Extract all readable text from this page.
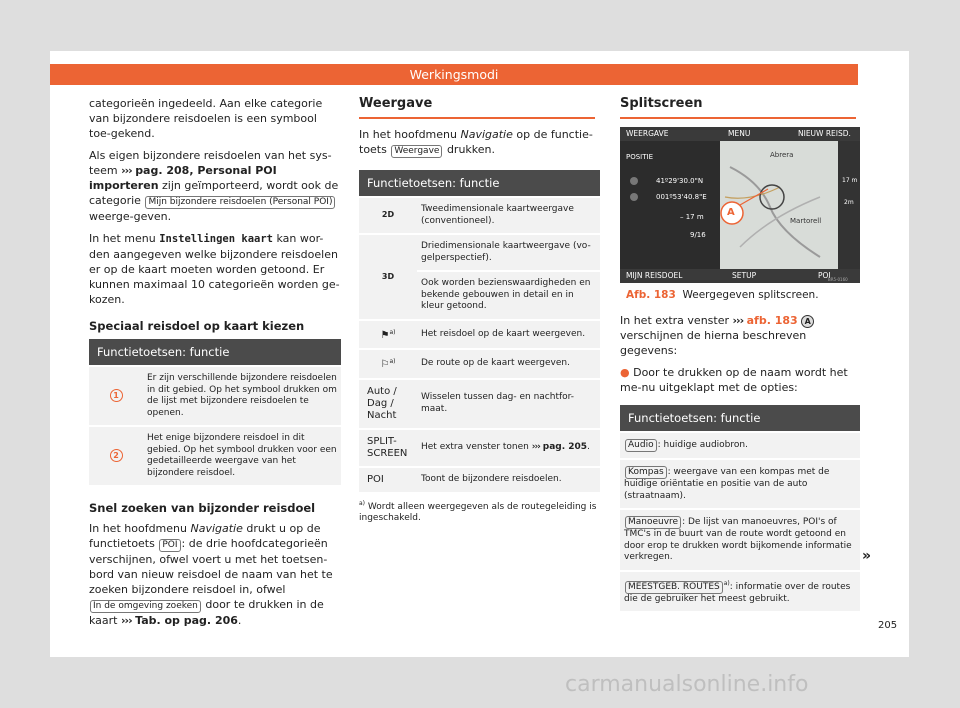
Werkingsmodi

categorieën ingedeeld. Aan elke categorie van bijzondere reisdoelen is een symbool toe-gekend.

Als eigen bijzondere reisdoelen van het sys-teem ››› pag. 208, Personal POI importeren zijn geïmporteerd, wordt ook de categorie Mijn bijzondere reisdoelen (Personal POI) weerge-geven.

In het menu Instellingen kaart kan wor-den aangegeven welke bijzondere reisdoelen er op de kaart moeten worden getoond. Er kunnen maximaal 10 categorieën worden ge-kozen.

Speciaal reisdoel op kaart kiezen
Functietoetsen: functie	
1	Er zijn verschillende bijzondere reisdoelen in dit gebied. Op het symbool drukken om de lijst met bijzondere reisdoelen te openen.
2	Het enige bijzondere reisdoel in dit gebied. Op het symbool drukken voor een gedetailleerde weergave van het bijzondere reisdoel.
Snel zoeken van bijzonder reisdoel

In het hoofdmenu Navigatie drukt u op de functietoets POI : de drie hoofdcategorieën verschijnen, ofwel voert u met het toetsen-bord van nieuw reisdoel de naam van het te zoeken bijzondere reisdoel in, ofwel In de omgeving zoeken door te drukken in de kaart ››› Tab. op pag. 206.

Weergave

In het hoofdmenu Navigatie op de functie-toets Weergave drukken.

Functietoetsen: functie	
2D	Tweedimensionale kaartweergave (conventioneel).
3D	Driedimensionale kaartweergave (vo-gelperspectief).
	Ook worden bezienswaardigheden en bekende gebouwen in detail en in kleur getoond.
⚑$^{a)}$	Het reisdoel op de kaart weergeven.
⚐$^{a)}$	De route op de kaart weergeven.
Auto / Dag / Nacht	Wisselen tussen dag- en nachtfor-maat.
SPLIT-SCREEN	Het extra venster tonen ››› pag. 205.
POI	Toont de bijzondere reisdoelen.
$^{a)}$ Wordt alleen weergegeven als de routegeleiding is ingeschakeld.
Splitscreen
WEERGAVE	MENU	NIEUW REISD.
POSITIE
41º29'30.0"N
001º53'40.8"E
– 17 m
9/16
Abrera
Martorell
17 m
2m
A
MIJN REISDOEL	SETUP	POI
BR5-0160
Afb. 183 Weergegeven splitscreen.

In het extra venster ››› afb. 183 A verschijnen de hierna beschreven gegevens:

● Door te drukken op de naam wordt het me-nu uitgeklapt met de opties:

Functietoetsen: functie
Audio : huidige audiobron.
Kompas : weergave van een kompas met de huidige oriëntatie en positie van de auto (straatnaam).
Manoeuvre : De lijst van manoeuvres, POI's of TMC's in de buurt van de route wordt getoond en door erop te drukken wordt bijkomende informatie verkregen.
MEESTGEB. ROUTES $^{a)}$: informatie over de routes die de gebruiker het meest gebruikt.
»
205
carmanualsonline.info
